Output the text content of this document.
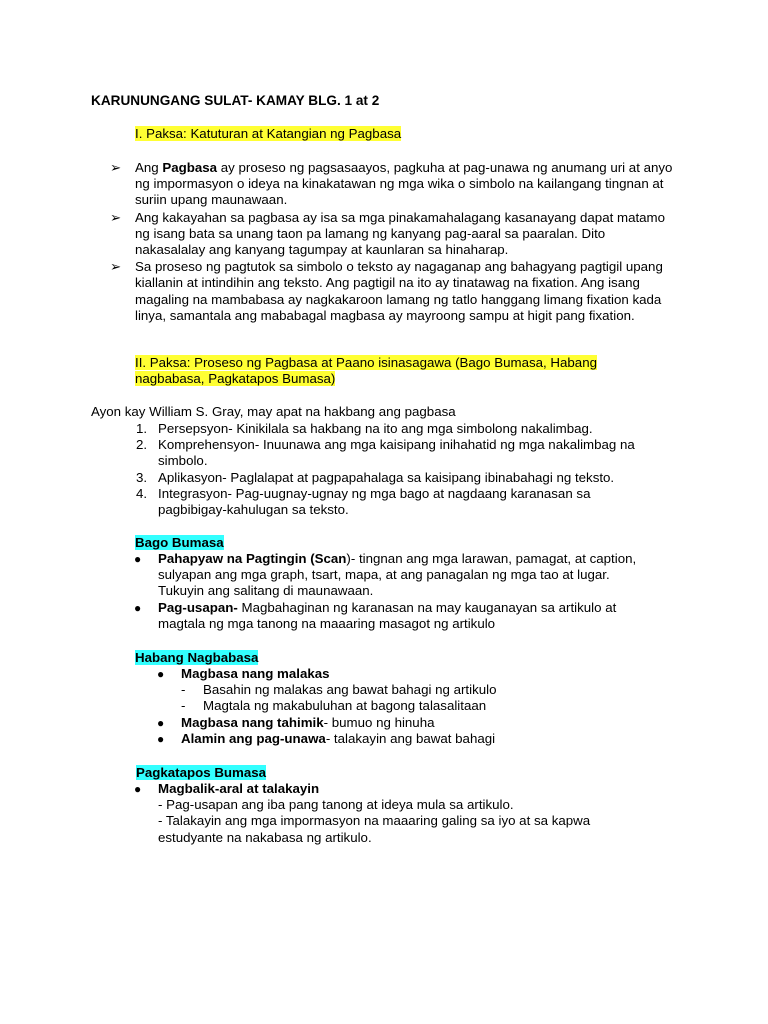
KARUNUNGANG SULAT- KAMAY BLG. 1 at 2
I. Paksa: Katuturan at Katangian ng Pagbasa
➢ Ang Pagbasa ay proseso ng pagsasaayos, pagkuha at pag-unawa ng anumang uri at anyo ng impormasyon o ideya na kinakatawan ng mga wika o simbolo na kailangang tingnan at suriin upang maunawaan.
➢ Ang kakayahan sa pagbasa ay isa sa mga pinakamahalagang kasanayang dapat matamo ng isang bata sa unang taon pa lamang ng kanyang pag-aaral sa paaralan. Dito nakasalalay ang kanyang tagumpay at kaunlaran sa hinaharap.
➢ Sa proseso ng pagtutok sa simbolo o teksto ay nagaganap ang bahagyang pagtigil upang kiallanin at intindihin ang teksto. Ang pagtigil na ito ay tinatawag na fixation. Ang isang magaling na mambabasa ay nagkakaroon lamang ng tatlo hanggang limang fixation kada linya, samantala ang mababagal magbasa ay mayroong sampu at higit pang fixation.
II. Paksa: Proseso ng Pagbasa at Paano isinasagawa (Bago Bumasa, Habang
nagbabasa, Pagkatapos Bumasa)
Ayon kay William S. Gray, may apat na hakbang ang pagbasa
1. Persepsyon- Kinikilala sa hakbang na ito ang mga simbolong nakalimbag.
2. Komprehensyon- Inuunawa ang mga kaisipang inihahatid ng mga nakalimbag na simbolo.
3. Aplikasyon- Paglalapat at pagpapahalaga sa kaisipang ibinabahagi ng teksto.
4. Integrasyon- Pag-uugnay-ugnay ng mga bago at nagdaang karanasan sa pagbibigay-kahulugan sa teksto.
Bago Bumasa
● Pahapyaw na Pagtingin (Scan)- tingnan ang mga larawan, pamagat, at caption, sulyapan ang mga graph, tsart, mapa, at ang panagalan ng mga tao at lugar. Tukuyin ang salitang di maunawaan.
● Pag-usapan- Magbahaginan ng karanasan na may kauganayan sa artikulo at magtala ng mga tanong na maaaring masagot ng artikulo
Habang Nagbabasa
● Magbasa nang malakas
- Basahin ng malakas ang bawat bahagi ng artikulo
- Magtala ng makabuluhan at bagong talasalitaan
● Magbasa nang tahimik- bumuo ng hinuha
● Alamin ang pag-unawa- talakayin ang bawat bahagi
Pagkatapos Bumasa
● Magbalik-aral at talakayin
- Pag-usapan ang iba pang tanong at ideya mula sa artikulo.
- Talakayin ang mga impormasyon na maaaring galing sa iyo at sa kapwa estudyante na nakabasa ng artikulo.
